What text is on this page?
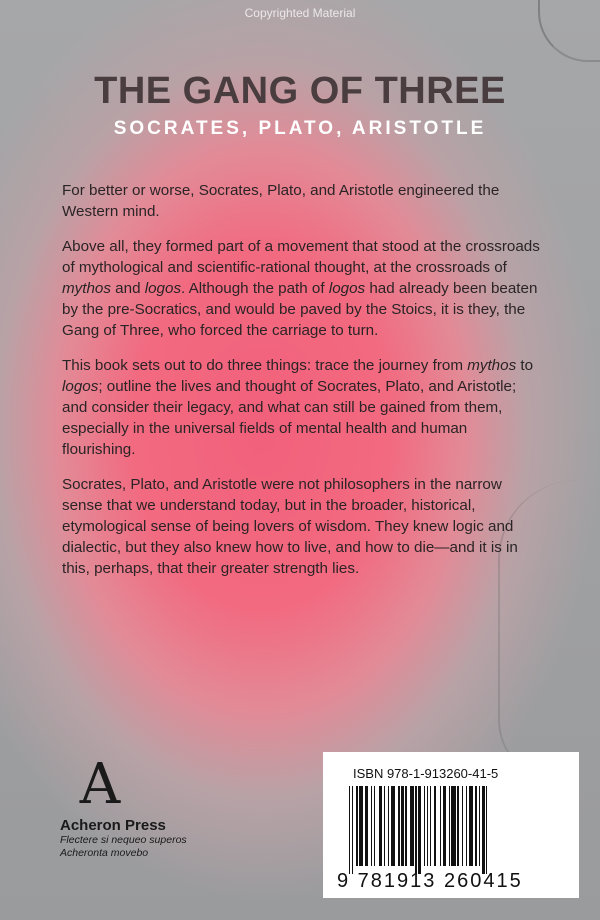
Copyrighted Material
THE GANG OF THREE
SOCRATES, PLATO, ARISTOTLE

For better or worse, Socrates, Plato, and Aristotle engineered the Western mind.

Above all, they formed part of a movement that stood at the crossroads of mythological and scientific-rational thought, at the crossroads of mythos and logos. Although the path of logos had already been beaten by the pre-Socratics, and would be paved by the Stoics, it is they, the Gang of Three, who forced the carriage to turn.

This book sets out to do three things: trace the journey from mythos to logos; outline the lives and thought of Socrates, Plato, and Aristotle; and consider their legacy, and what can still be gained from them, especially in the universal fields of mental health and human flourishing.

Socrates, Plato, and Aristotle were not philosophers in the narrow sense that we understand today, but in the broader, historical, etymological sense of being lovers of wisdom. They knew logic and dialectic, but they also knew how to live, and how to die—and it is in this, perhaps, that their greater strength lies.

A
Acheron Press
Flectere si nequeo superos
Acheronta movebo
ISBN 978-1-913260-41-5
9 781913 260415
